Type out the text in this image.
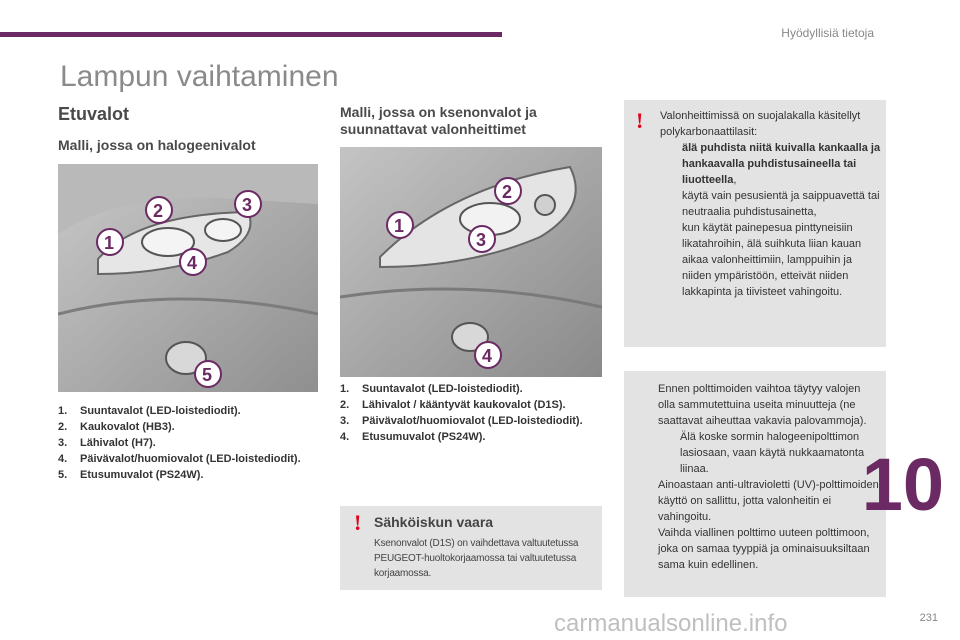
Hyödyllisiä tietoja
Lampun vaihtaminen
Etuvalot
Malli, jossa on halogeenivalot
1
2	3
4
5
1. Suuntavalot (LED-loistediodit).
2. Kaukovalot (HB3).
3. Lähivalot (H7).
4. Päivävalot/huomiovalot (LED-loistediodit).
5. Etusumuvalot (PS24W).
Malli, jossa on ksenonvalot ja suunnattavat valonheittimet
1
2
3
4
1. Suuntavalot (LED-loistediodit).
2. Lähivalot / kääntyvät kaukovalot (D1S).
3. Päivävalot/huomiovalot (LED-loistediodit).
4. Etusumuvalot (PS24W).
! Sähköiskun vaara
Ksenonvalot (D1S) on vaihdettava valtuutetussa PEUGEOT-huoltokorjaamossa tai valtuutetussa korjaamossa.
! Valonheittimissä on suojalakalla käsitellyt polykarbonaattilasit:
älä puhdista niitä kuivalla kankaalla ja hankaavalla puhdistusaineella tai liuotteella,
käytä vain pesusientä ja saippuavettä tai neutraalia puhdistusainetta,
kun käytät painepesua pinttyneisiin likatahroihin, älä suihkuta liian kauan aikaa valonheittimiin, lamppuihin ja niiden ympäristöön, etteivät niiden lakkapinta ja tiivisteet vahingoitu.
Ennen polttimoiden vaihtoa täytyy valojen olla sammutettuina useita minuutteja (ne saattavat aiheuttaa vakavia palovammoja).
Älä koske sormin halogeenipolttimon lasiosaan, vaan käytä nukkaamatonta liinaa.
Ainoastaan anti-ultravioletti (UV)-polttimoiden käyttö on sallittu, jotta valonheitin ei vahingoitu.
Vaihda viallinen polttimo uuteen polttimoon, joka on samaa tyyppiä ja ominaisuuksiltaan sama kuin edellinen.
10
carmanualsonline.info	231
